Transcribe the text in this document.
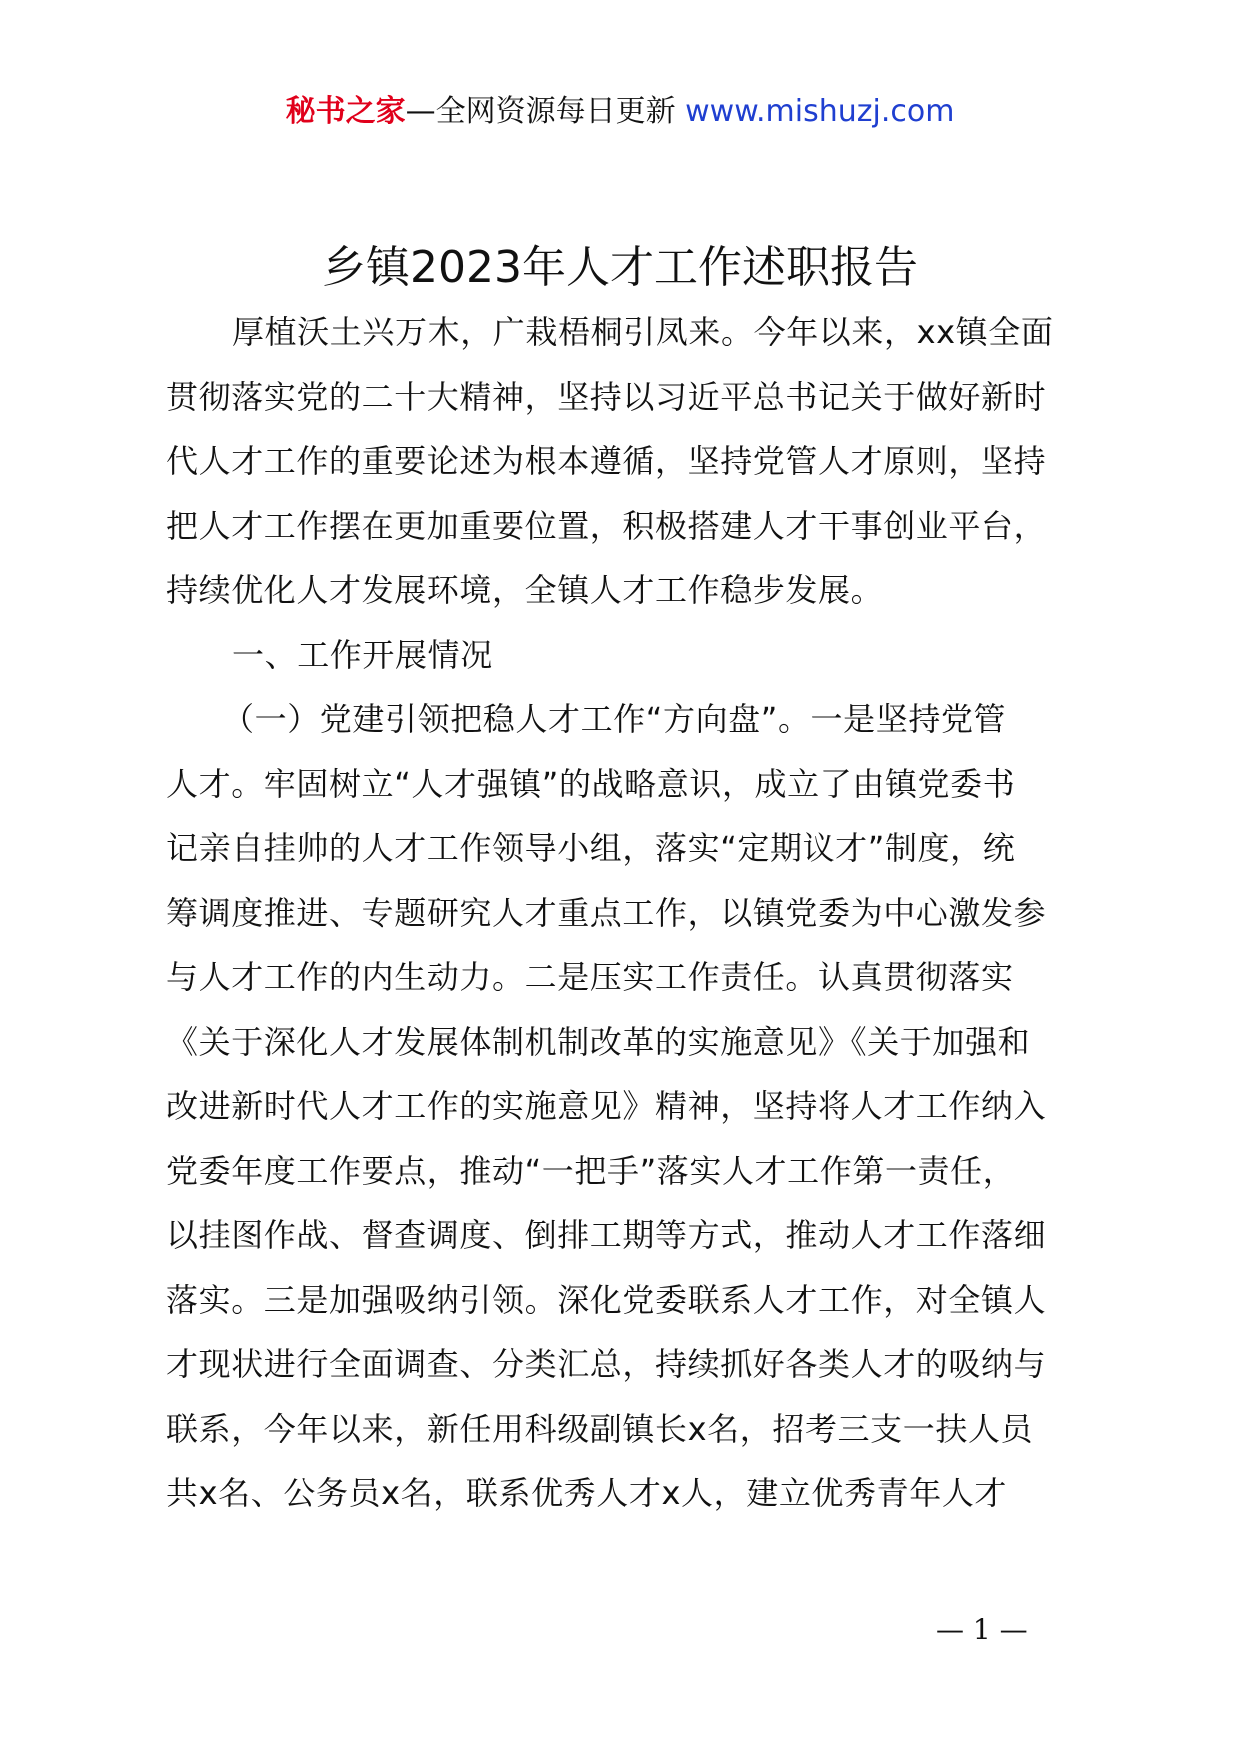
秘书之家—全网资源每日更新 www.mishuzj.com
乡镇2023年人才工作述职报告
厚植沃土兴万木，广栽梧桐引凤来。今年以来，xx镇全面
贯彻落实党的二十大精神，坚持以习近平总书记关于做好新时
代人才工作的重要论述为根本遵循，坚持党管人才原则，坚持
把人才工作摆在更加重要位置，积极搭建人才干事创业平台，
持续优化人才发展环境，全镇人才工作稳步发展。
一、工作开展情况
（一）党建引领把稳人才工作“方向盘”。一是坚持党管
人才。牢固树立“人才强镇”的战略意识，成立了由镇党委书
记亲自挂帅的人才工作领导小组，落实“定期议才”制度，统
筹调度推进、专题研究人才重点工作，以镇党委为中心激发参
与人才工作的内生动力。二是压实工作责任。认真贯彻落实
《关于深化人才发展体制机制改革的实施意见》《关于加强和
改进新时代人才工作的实施意见》精神，坚持将人才工作纳入
党委年度工作要点，推动“一把手”落实人才工作第一责任，
以挂图作战、督查调度、倒排工期等方式，推动人才工作落细
落实。三是加强吸纳引领。深化党委联系人才工作，对全镇人
才现状进行全面调查、分类汇总，持续抓好各类人才的吸纳与
联系，今年以来，新任用科级副镇长x名，招考三支一扶人员
共x名、公务员x名，联系优秀人才x人，建立优秀青年人才
— 1 —
